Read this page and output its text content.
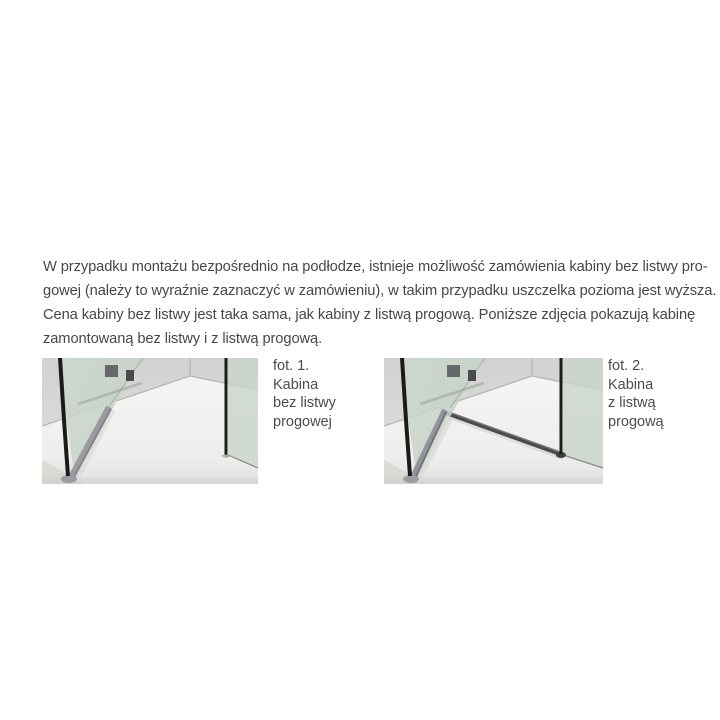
W przypadku montażu bezpośrednio na podłodze, istnieje możliwość zamówienia kabiny bez listwy pro-
gowej (należy to wyraźnie zaznaczyć w zamówieniu), w takim przypadku uszczelka pozioma jest wyższa.
Cena kabiny bez listwy jest taka sama, jak kabiny z listwą progową. Poniższe zdjęcia pokazują kabinę
zamontowaną bez listwy i z listwą progową.
fot. 1.
Kabina
bez listwy
progowej
fot. 2.
Kabina
z listwą
progową
